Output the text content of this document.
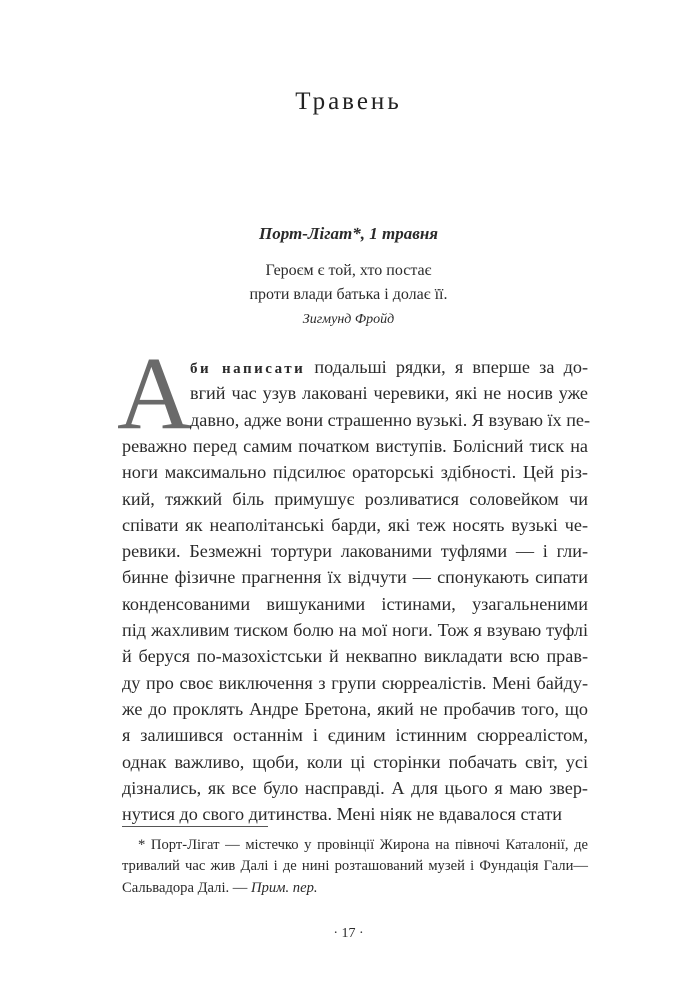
Травень
Порт-Лігат*, 1 травня
Героєм є той, хто постає
проти влади батька і долає її.
Зигмунд Фройд
А
би написати подальші рядки, я вперше за до-
вгий час узув лаковані черевики, які не носив уже
давно, адже вони страшенно вузькі. Я взуваю їх пе-
реважно перед самим початком виступів. Болісний тиск на
ноги максимально підсилює ораторські здібності. Цей різ-
кий, тяжкий біль примушує розливатися соловейком чи
співати як неаполітанські барди, які теж носять вузькі че-
ревики. Безмежні тортури лакованими туфлями — і гли-
бинне фізичне прагнення їх відчути — спонукають сипати
конденсованими вишуканими істинами, узагальненими
під жахливим тиском болю на мої ноги. Тож я взуваю туфлі
й беруся по-мазохістськи й неквапно викладати всю прав-
ду про своє виключення з групи сюрреалістів. Мені байду-
же до проклять Андре Бретона, який не пробачив того, що
я залишився останнім і єдиним істинним сюрреалістом,
однак важливо, щоби, коли ці сторінки побачать світ, усі
дізнались, як все було насправді. А для цього я маю звер-
нутися до свого дитинства. Мені ніяк не вдавалося стати
* Порт-Лігат — містечко у провінції Жирона на півночі Каталонії, де
тривалий час жив Далі і де нині розташований музей і Фундація Гали—
Сальвадора Далі. — Прим. пер.
· 17 ·
